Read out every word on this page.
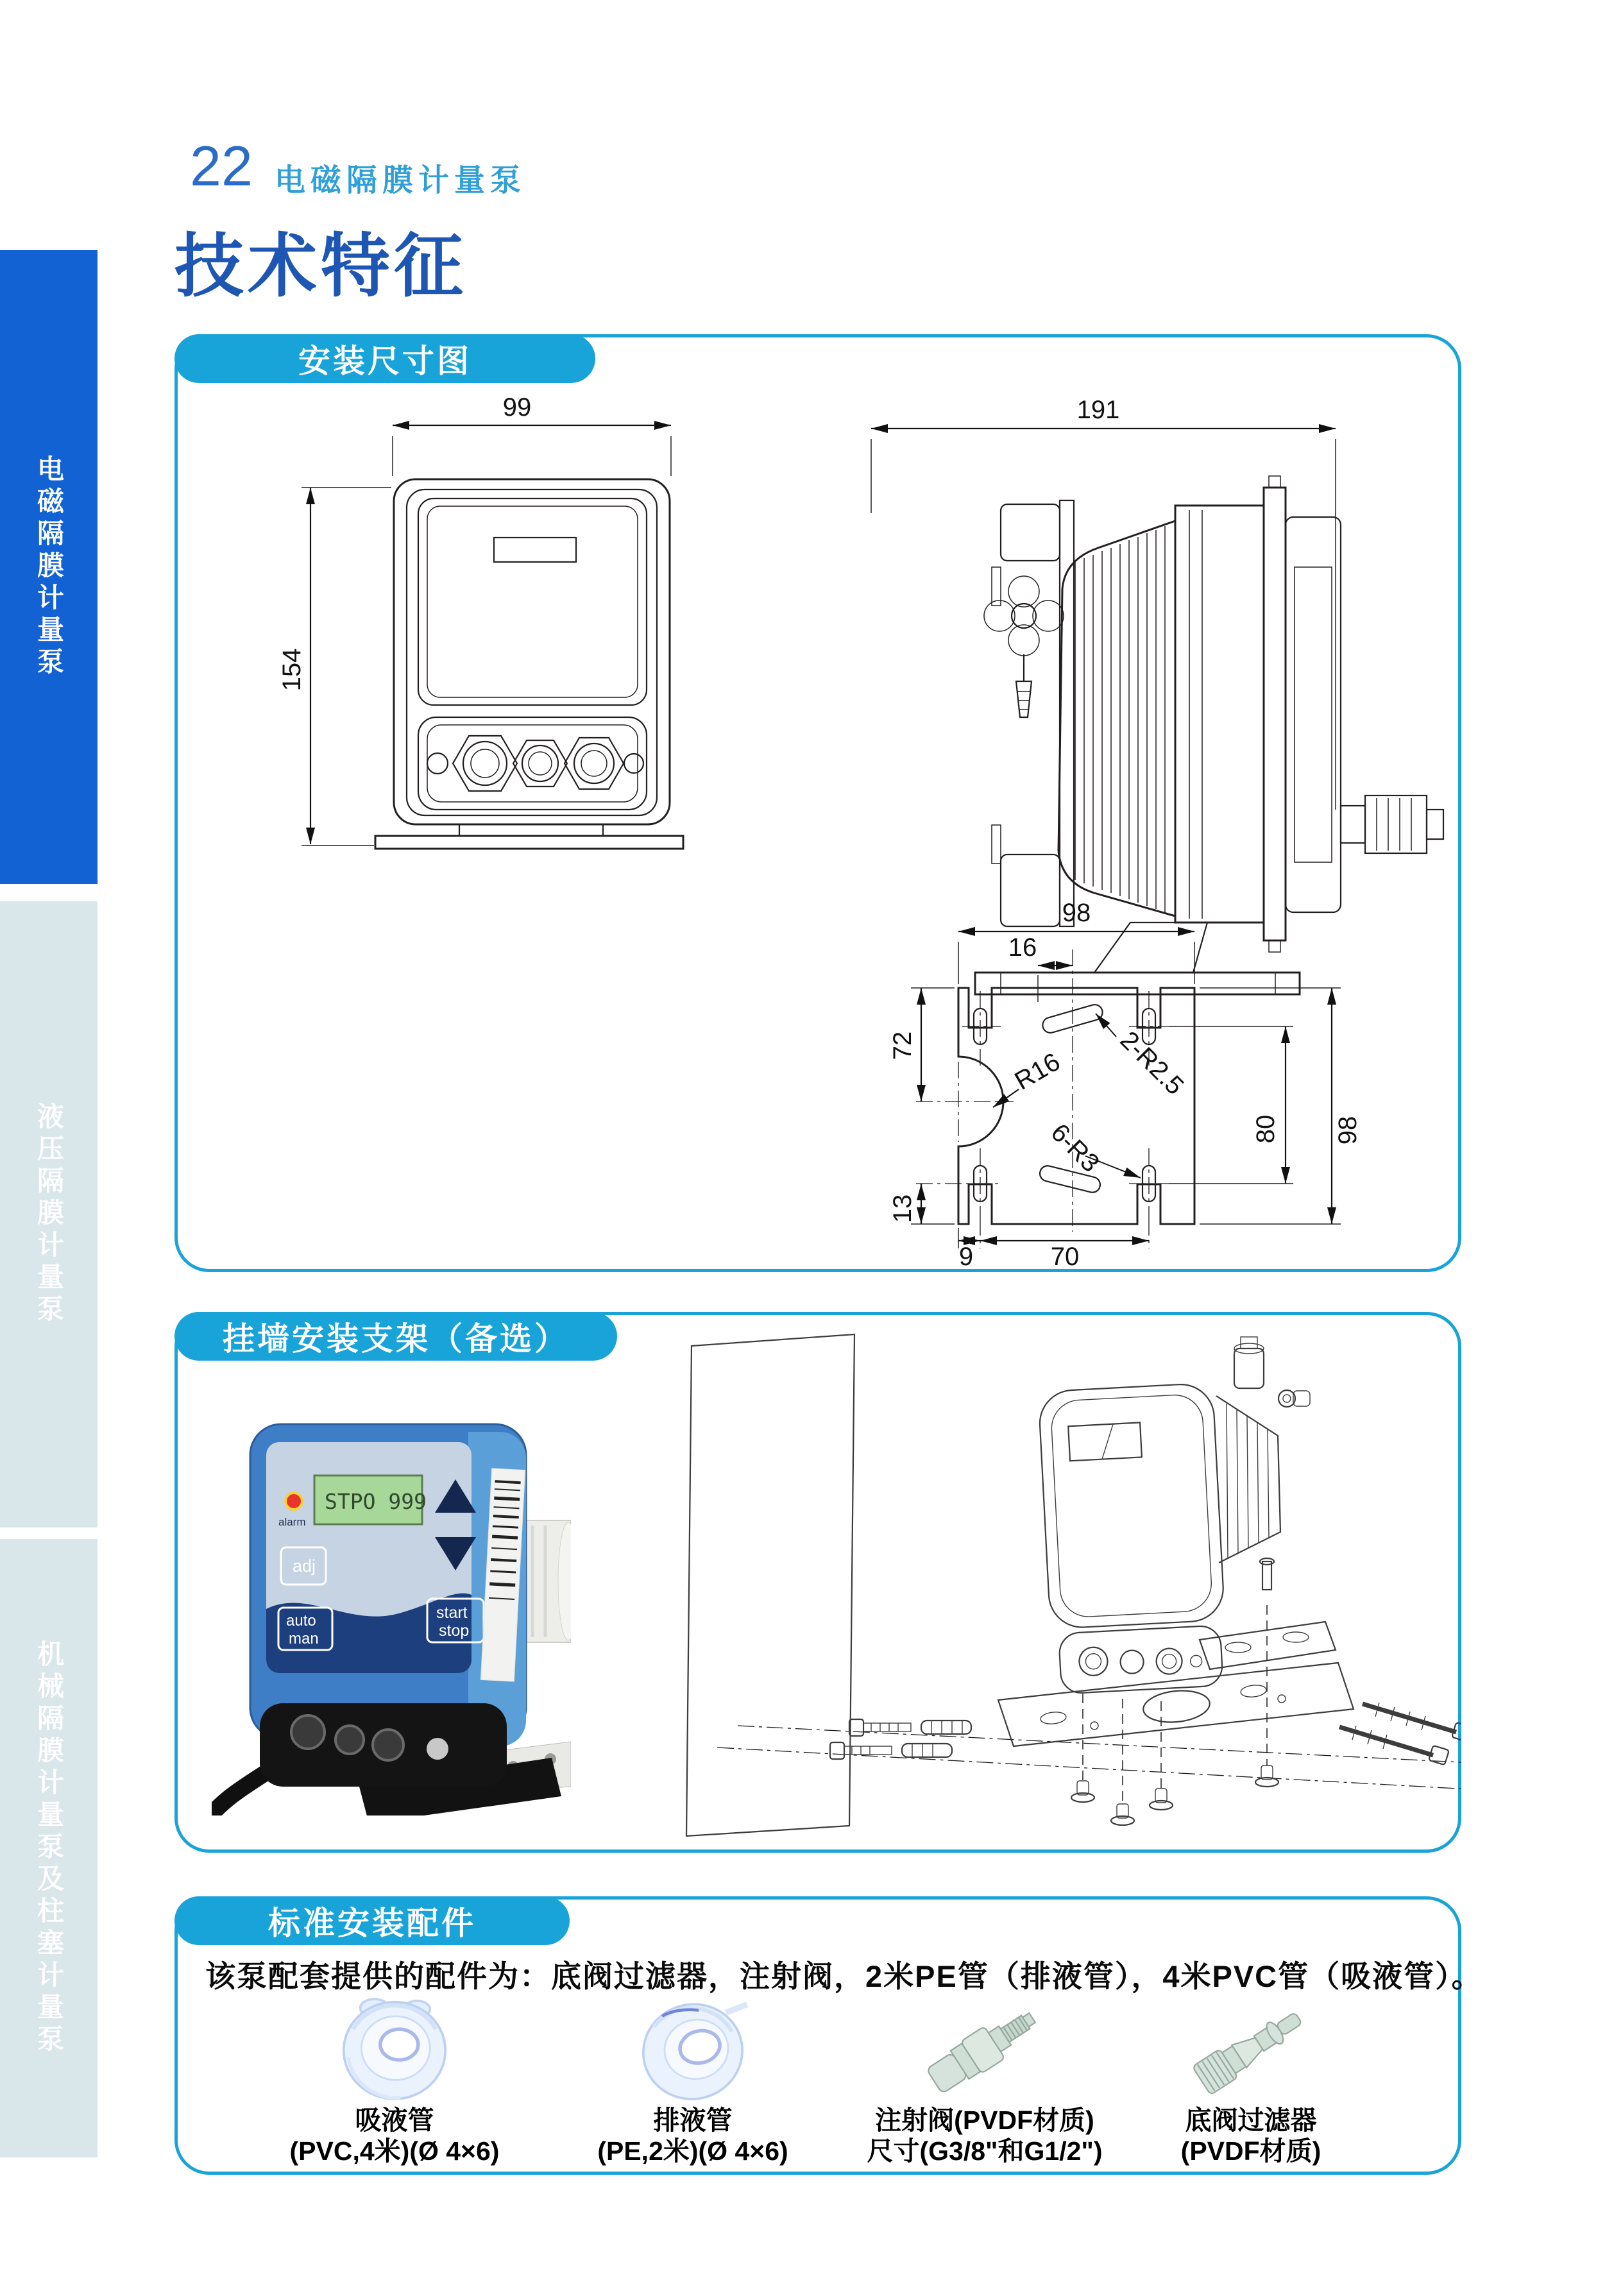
电磁隔膜计量泵
液压隔膜计量泵
机械隔膜计量泵及柱塞计量泵
22 电磁隔膜计量泵
技术特征
安装尺寸图
99
154
191
98
16
72
13
9	70
80 98
R16 2-R2.5
6-R3
挂墙安装支架（备选）
STPO 999
alarm
adj
auto
man
start
stop
标准安装配件
该泵配套提供的配件为：底阀过滤器，注射阀，2米PE管（排液管），4米PVC管（吸液管）。
吸液管
(PVC,4米)(Ø 4×6)
排液管
(PE,2米)(Ø 4×6)
注射阀(PVDF材质)
尺寸(G3/8"和G1/2")
底阀过滤器
(PVDF材质)
